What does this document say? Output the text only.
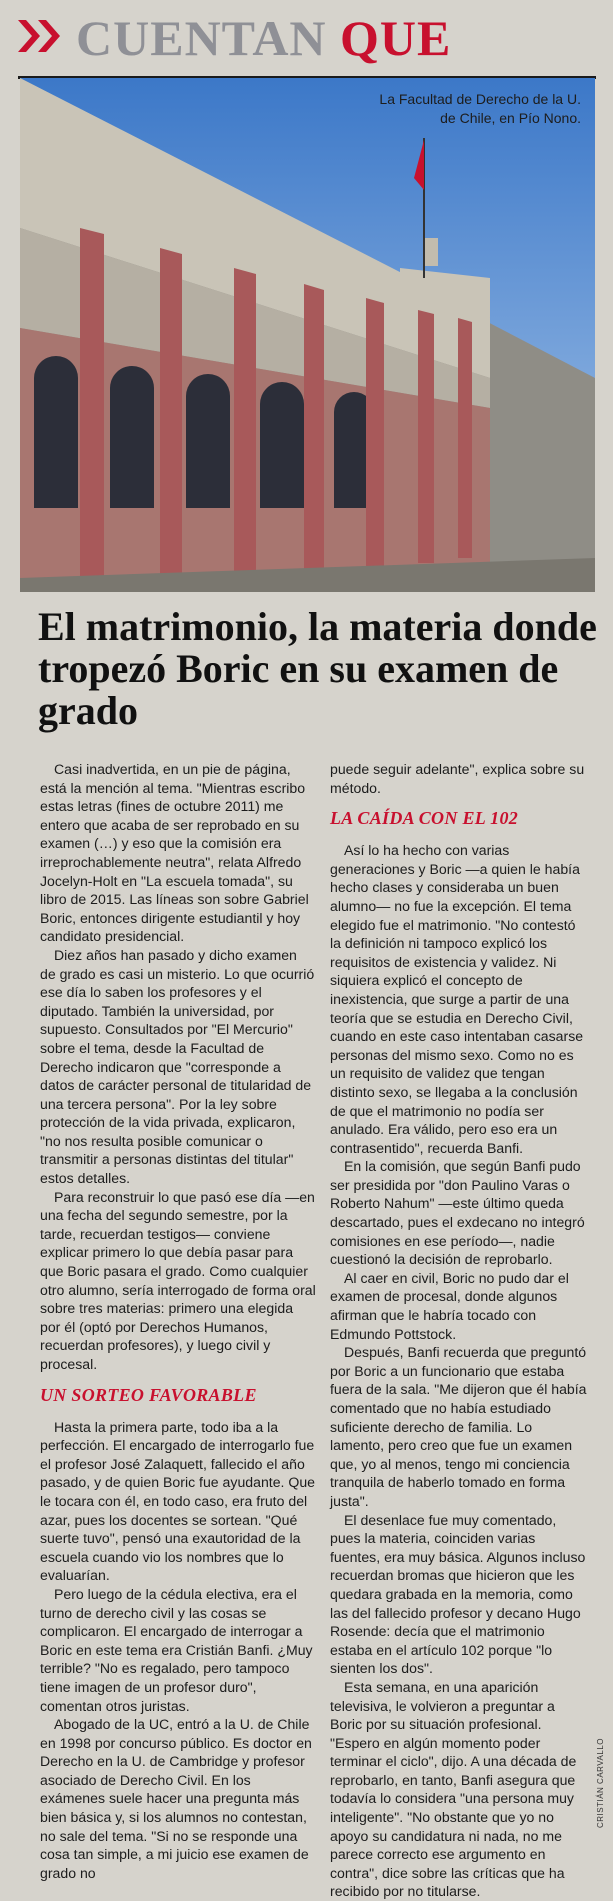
CUENTAN QUE
La Facultad de Derecho de la U. de Chile, en Pío Nono.
El matrimonio, la materia donde tropezó Boric en su examen de grado

Casi inadvertida, en un pie de página, está la mención al tema. "Mientras escribo estas letras (fines de octubre 2011) me entero que acaba de ser reprobado en su examen (…) y eso que la comisión era irreprochablemente neutra", relata Alfredo Jocelyn-Holt en "La escuela tomada", su libro de 2015. Las líneas son sobre Gabriel Boric, entonces dirigente estudiantil y hoy candidato presidencial.

Diez años han pasado y dicho examen de grado es casi un misterio. Lo que ocurrió ese día lo saben los profesores y el diputado. También la universidad, por supuesto. Consultados por "El Mercurio" sobre el tema, desde la Facultad de Derecho indicaron que "corresponde a datos de carácter personal de titularidad de una tercera persona". Por la ley sobre protección de la vida privada, explicaron, "no nos resulta posible comunicar o transmitir a personas distintas del titular" estos detalles.

Para reconstruir lo que pasó ese día —en una fecha del segundo semestre, por la tarde, recuerdan testigos— conviene explicar primero lo que debía pasar para que Boric pasara el grado. Como cualquier otro alumno, sería interrogado de forma oral sobre tres materias: primero una elegida por él (optó por Derechos Humanos, recuerdan profesores), y luego civil y procesal.

UN SORTEO FAVORABLE

Hasta la primera parte, todo iba a la perfección. El encargado de interrogarlo fue el profesor José Zalaquett, fallecido el año pasado, y de quien Boric fue ayudante. Que le tocara con él, en todo caso, era fruto del azar, pues los docentes se sortean. "Qué suerte tuvo", pensó una exautoridad de la escuela cuando vio los nombres que lo evaluarían.

Pero luego de la cédula electiva, era el turno de derecho civil y las cosas se complicaron. El encargado de interrogar a Boric en este tema era Cristián Banfi. ¿Muy terrible? "No es regalado, pero tampoco tiene imagen de un profesor duro", comentan otros juristas.

Abogado de la UC, entró a la U. de Chile en 1998 por concurso público. Es doctor en Derecho en la U. de Cambridge y profesor asociado de Derecho Civil. En los exámenes suele hacer una pregunta más bien básica y, si los alumnos no contestan, no sale del tema. "Si no se responde una cosa tan simple, a mi juicio ese examen de grado no

puede seguir adelante", explica sobre su método.

LA CAÍDA CON EL 102

Así lo ha hecho con varias generaciones y Boric —a quien le había hecho clases y consideraba un buen alumno— no fue la excepción. El tema elegido fue el matrimonio. "No contestó la definición ni tampoco explicó los requisitos de existencia y validez. Ni siquiera explicó el concepto de inexistencia, que surge a partir de una teoría que se estudia en Derecho Civil, cuando en este caso intentaban casarse personas del mismo sexo. Como no es un requisito de validez que tengan distinto sexo, se llegaba a la conclusión de que el matrimonio no podía ser anulado. Era válido, pero eso era un contrasentido", recuerda Banfi.

En la comisión, que según Banfi pudo ser presidida por "don Paulino Varas o Roberto Nahum" —este último queda descartado, pues el exdecano no integró comisiones en ese período—, nadie cuestionó la decisión de reprobarlo.

Al caer en civil, Boric no pudo dar el examen de procesal, donde algunos afirman que le habría tocado con Edmundo Pottstock.

Después, Banfi recuerda que preguntó por Boric a un funcionario que estaba fuera de la sala. "Me dijeron que él había comentado que no había estudiado suficiente derecho de familia. Lo lamento, pero creo que fue un examen que, yo al menos, tengo mi conciencia tranquila de haberlo tomado en forma justa".

El desenlace fue muy comentado, pues la materia, coinciden varias fuentes, era muy básica. Algunos incluso recuerdan bromas que hicieron que les quedara grabada en la memoria, como las del fallecido profesor y decano Hugo Rosende: decía que el matrimonio estaba en el artículo 102 porque "lo sienten los dos".

Esta semana, en una aparición televisiva, le volvieron a preguntar a Boric por su situación profesional. "Espero en algún momento poder terminar el ciclo", dijo. A una década de reprobarlo, en tanto, Banfi asegura que todavía lo considera "una persona muy inteligente". "No obstante que yo no apoyo su candidatura ni nada, no me parece correcto ese argumento en contra", dice sobre las críticas que ha recibido por no titularse.

CRISTIÁN CARVALLO
